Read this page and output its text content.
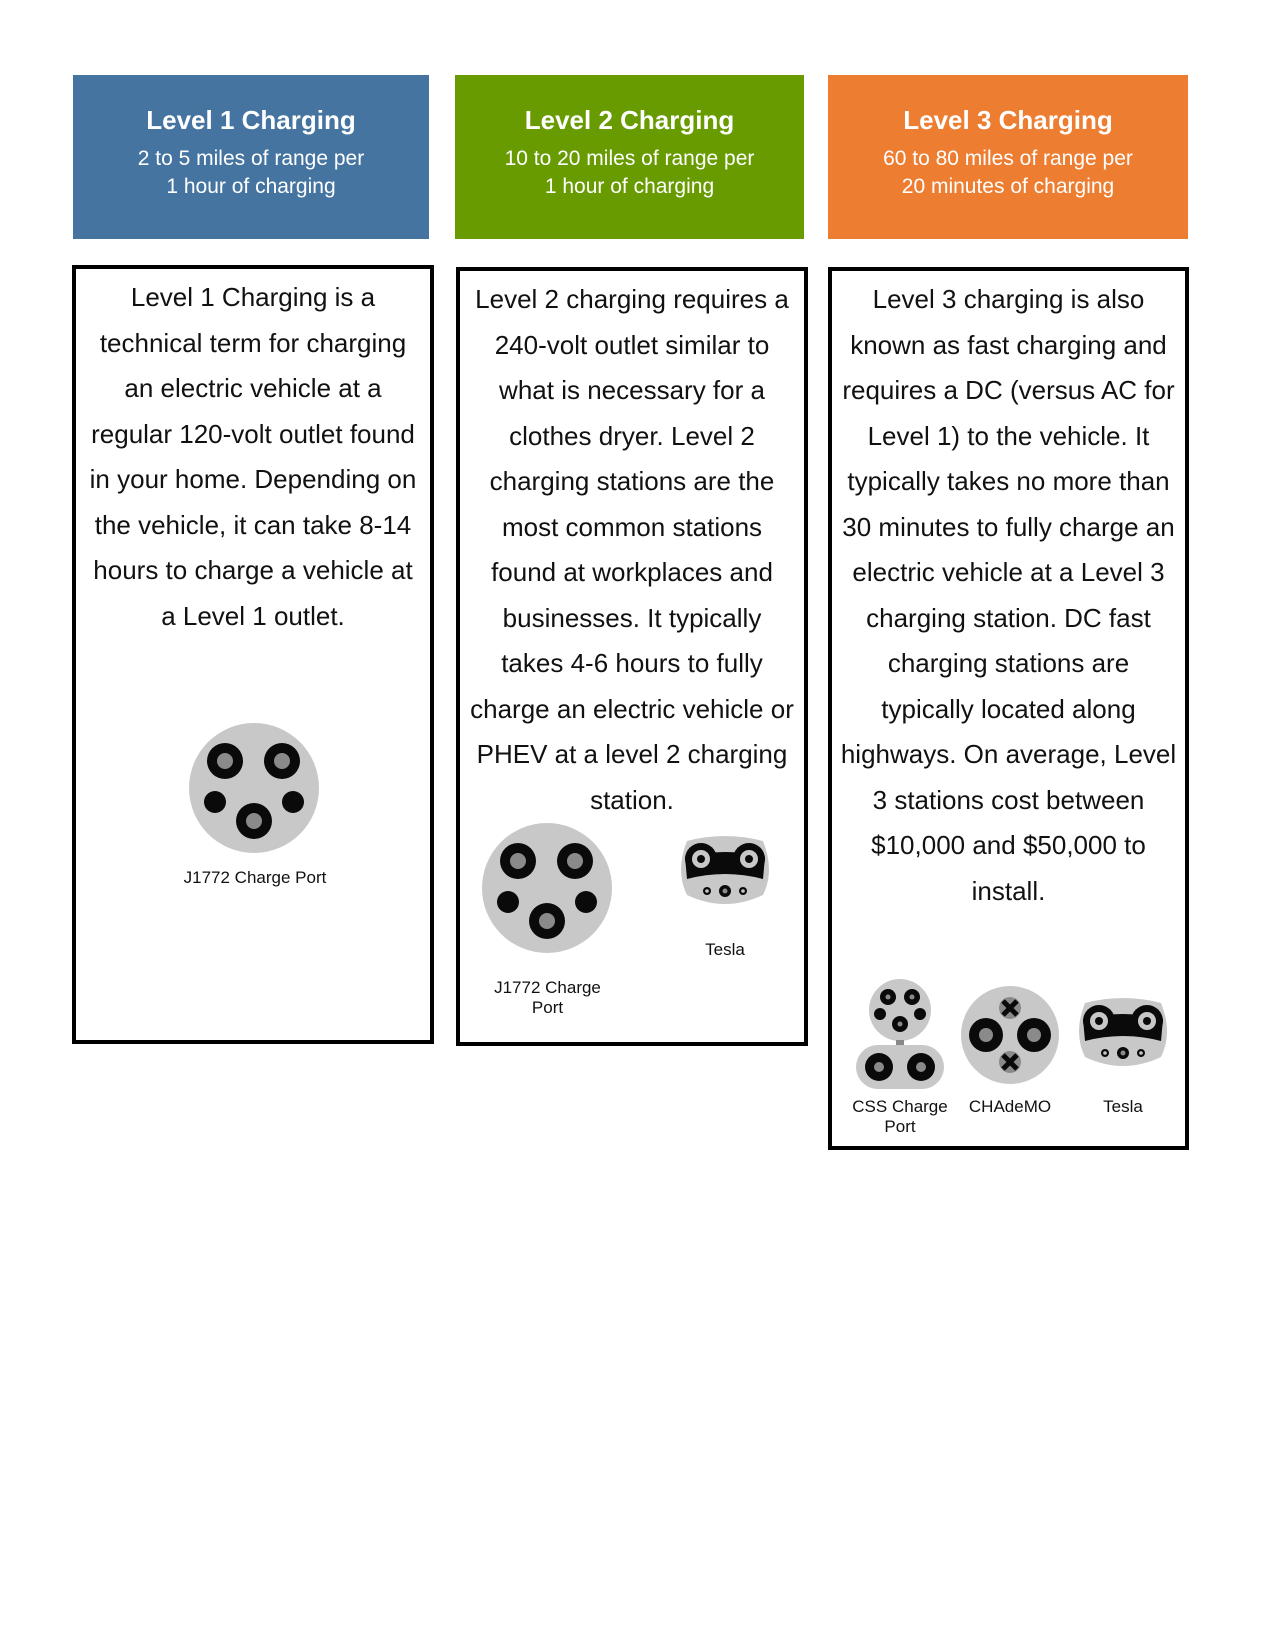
Level 1 Charging
2 to 5 miles of range per
1 hour of charging
Level 2 Charging
10 to 20 miles of range per
1 hour of charging
Level 3 Charging
60 to 80 miles of range per
20 minutes of charging
Level 1 Charging is a technical term for charging an electric vehicle at a regular 120-volt outlet found in your home. Depending on the vehicle, it can take 8-14 hours to charge a vehicle at a Level 1 outlet.
J1772 Charge Port
Level 2 charging requires a 240-volt outlet similar to what is necessary for a clothes dryer. Level 2 charging stations are the most common stations found at workplaces and businesses. It typically takes 4-6 hours to fully charge an electric vehicle or PHEV at a level 2 charging station.
J1772 Charge
Port
Tesla
Level 3 charging is also known as fast charging and requires a DC (versus AC for Level 1) to the vehicle. It typically takes no more than 30 minutes to fully charge an electric vehicle at a Level 3 charging station. DC fast charging stations are typically located along highways. On average, Level 3 stations cost between $10,000 and $50,000 to install.
CSS Charge
Port
CHAdeMO	Tesla
